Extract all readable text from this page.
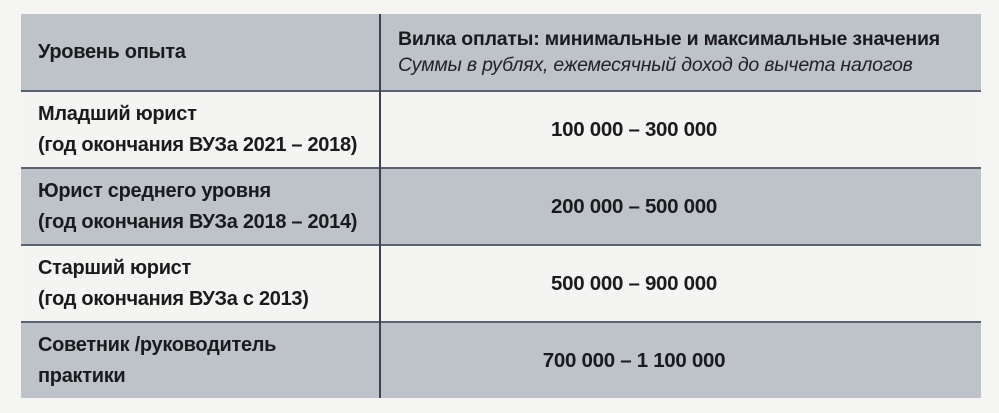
Уровень опыта
Вилка оплаты: минимальные и максимальные значения
Суммы в рублях, ежемесячный доход до вычета налогов
Младший юрист
(год окончания ВУЗа 2021 – 2018)
100 000 – 300 000
Юрист среднего уровня
(год окончания ВУЗа 2018 – 2014)
200 000 – 500 000
Старший юрист
(год окончания ВУЗа с 2013)
500 000 – 900 000
Советник /руководитель
практики
700 000 – 1 100 000
